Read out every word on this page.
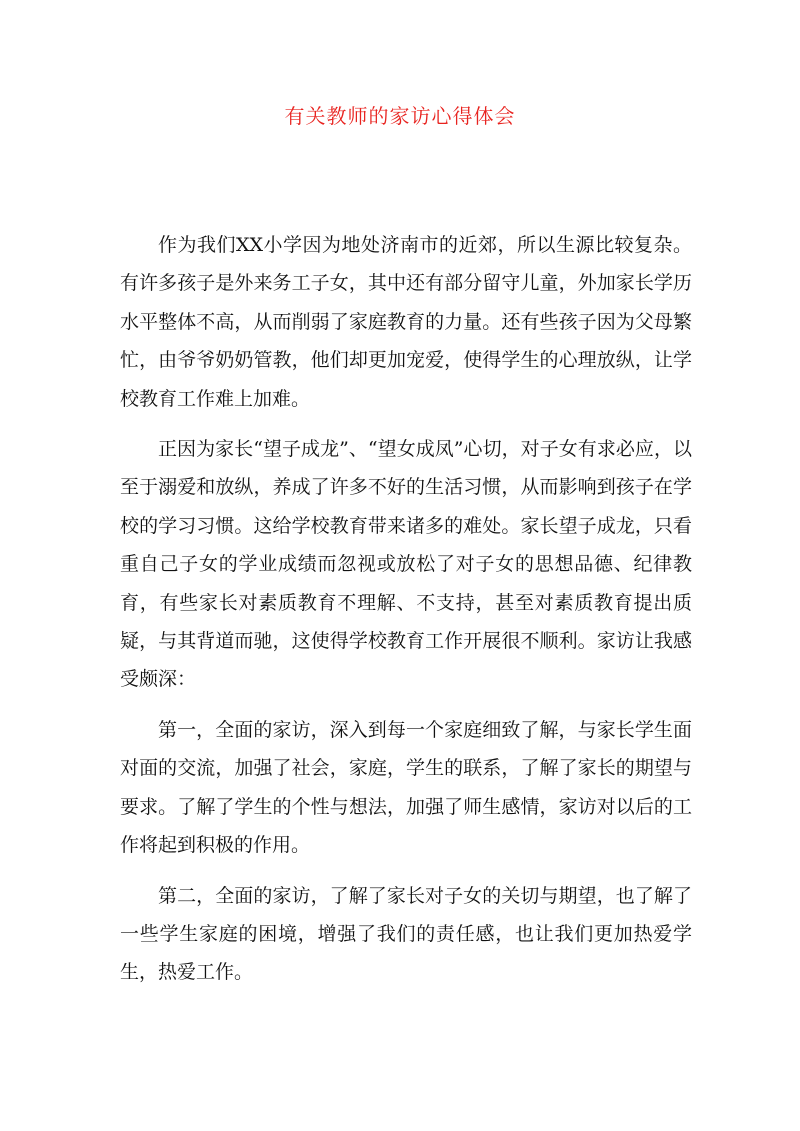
有关教师的家访心得体会

作为我们XX小学因为地处济南市的近郊，所以生源比较复杂。有许多孩子是外来务工子女，其中还有部分留守儿童，外加家长学历水平整体不高，从而削弱了家庭教育的力量。还有些孩子因为父母繁忙，由爷爷奶奶管教，他们却更加宠爱，使得学生的心理放纵，让学校教育工作难上加难。

正因为家长“望子成龙”、“望女成凤”心切，对子女有求必应，以至于溺爱和放纵，养成了许多不好的生活习惯，从而影响到孩子在学校的学习习惯。这给学校教育带来诸多的难处。家长望子成龙，只看重自己子女的学业成绩而忽视或放松了对子女的思想品德、纪律教育，有些家长对素质教育不理解、不支持，甚至对素质教育提出质疑，与其背道而驰，这使得学校教育工作开展很不顺利。家访让我感受颇深：

第一，全面的家访，深入到每一个家庭细致了解，与家长学生面对面的交流，加强了社会，家庭，学生的联系，了解了家长的期望与要求。了解了学生的个性与想法，加强了师生感情，家访对以后的工作将起到积极的作用。

第二，全面的家访，了解了家长对子女的关切与期望，也了解了一些学生家庭的困境，增强了我们的责任感，也让我们更加热爱学生，热爱工作。
